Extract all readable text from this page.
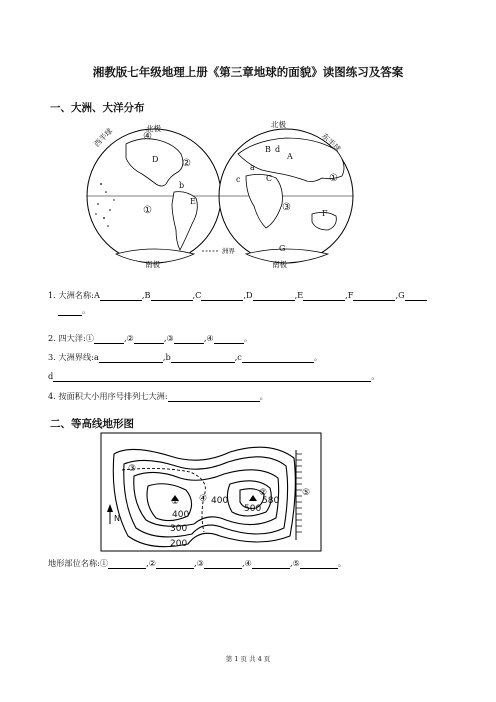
湘教版七年级地理上册《第三章地球的面貌》读图练习及答案
一、大洲、大洋分布
北极	北极
西半球	东半球
南极	南极
洲界
A
B
C
D
E
F
G
a
b
c
d
①
①
②
③
④
1. 大洲名称:A	,B	,C	,D	,E	,F	,G
。
2. 四大洋:①	,②	,③	,④	。
3. 大洲界线:a	,b	,c	。
d	。
4. 按面积大小用序号排列七大洲:	。
二、等高线地形图
400
400
300
200
500
580
①
②
③
④
⑤
N
地形部位名称:①	,②	,③	,④	,⑤	。
第 1 页 共 4 页
